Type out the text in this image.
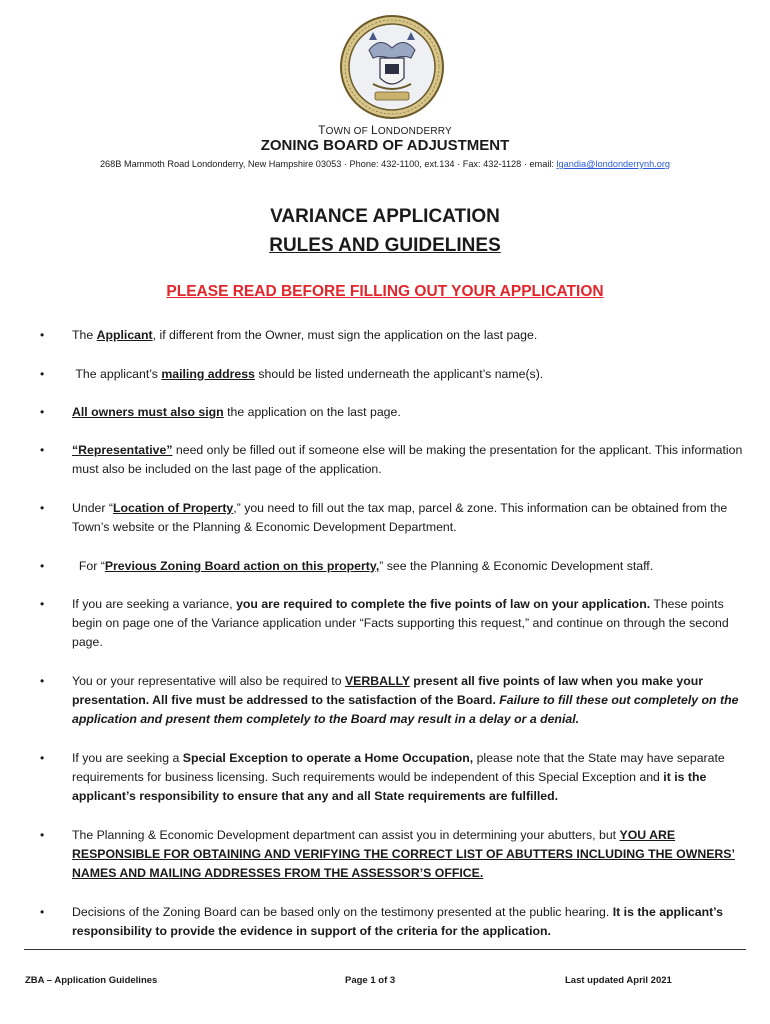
TOWN OF LONDONDERRY
ZONING BOARD OF ADJUSTMENT
268B Mammoth Road Londonderry, New Hampshire 03053 · Phone: 432-1100, ext.134 · Fax: 432-1128 · email: lgandia@londonderrynh.org
VARIANCE APPLICATION
RULES AND GUIDELINES
PLEASE READ BEFORE FILLING OUT YOUR APPLICATION
• The Applicant, if different from the Owner, must sign the application on the last page.
•	The applicant’s mailing address should be listed underneath the applicant’s name(s).
• All owners must also sign the application on the last page.
• “Representative” need only be filled out if someone else will be making the presentation for the applicant. This information must also be included on the last page of the application.
• Under “Location of Property,” you need to fill out the tax map, parcel & zone. This information can be obtained from the Town’s website or the Planning & Economic Development Department.
•	For “Previous Zoning Board action on this property,” see the Planning & Economic Development staff.
• If you are seeking a variance, you are required to complete the five points of law on your application. These points begin on page one of the Variance application under “Facts supporting this request,” and continue on through the second page.
• You or your representative will also be required to VERBALLY present all five points of law when you make your presentation. All five must be addressed to the satisfaction of the Board. Failure to fill these out completely on the application and present them completely to the Board may result in a delay or a denial.
• If you are seeking a Special Exception to operate a Home Occupation, please note that the State may have separate requirements for business licensing. Such requirements would be independent of this Special Exception and it is the applicant’s responsibility to ensure that any and all State requirements are fulfilled.
• The Planning & Economic Development department can assist you in determining your abutters, but YOU ARE RESPONSIBLE FOR OBTAINING AND VERIFYING THE CORRECT LIST OF ABUTTERS INCLUDING THE OWNERS’ NAMES AND MAILING ADDRESSES FROM THE ASSESSOR’S OFFICE.
• Decisions of the Zoning Board can be based only on the testimony presented at the public hearing. It is the applicant’s responsibility to provide the evidence in support of the criteria for the application.
ZBA – Application Guidelines	Page 1 of 3	Last updated April 2021
